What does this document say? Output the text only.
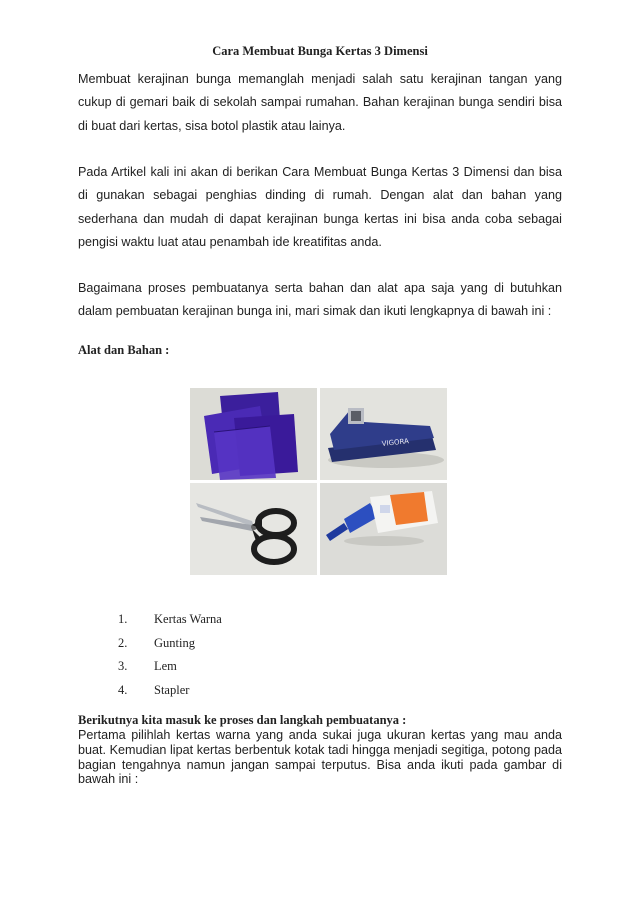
Cara Membuat Bunga Kertas 3 Dimensi

Membuat kerajinan bunga memanglah menjadi salah satu kerajinan tangan yang cukup di gemari baik di sekolah sampai rumahan. Bahan kerajinan bunga sendiri bisa di buat dari kertas, sisa botol plastik atau lainya.

Pada Artikel kali ini akan di berikan Cara Membuat Bunga Kertas 3 Dimensi dan bisa di gunakan sebagai penghias dinding di rumah. Dengan alat dan bahan yang sederhana dan mudah di dapat kerajinan bunga kertas ini bisa anda coba sebagai pengisi waktu luat atau penambah ide kreatifitas anda.

Bagaimana proses pembuatanya serta bahan dan alat apa saja yang di butuhkan dalam pembuatan kerajinan bunga ini, mari simak dan ikuti lengkapnya di bawah ini :

Alat dan Bahan :
VIGORA
1. Kertas Warna
2. Gunting
3. Lem
4. Stapler
Berikutnya kita masuk ke proses dan langkah pembuatanya :

Pertama pilihlah kertas warna yang anda sukai juga ukuran kertas yang mau anda buat. Kemudian lipat kertas berbentuk kotak tadi hingga menjadi segitiga, potong pada bagian tengahnya namun jangan sampai terputus. Bisa anda ikuti pada gambar di bawah ini :
